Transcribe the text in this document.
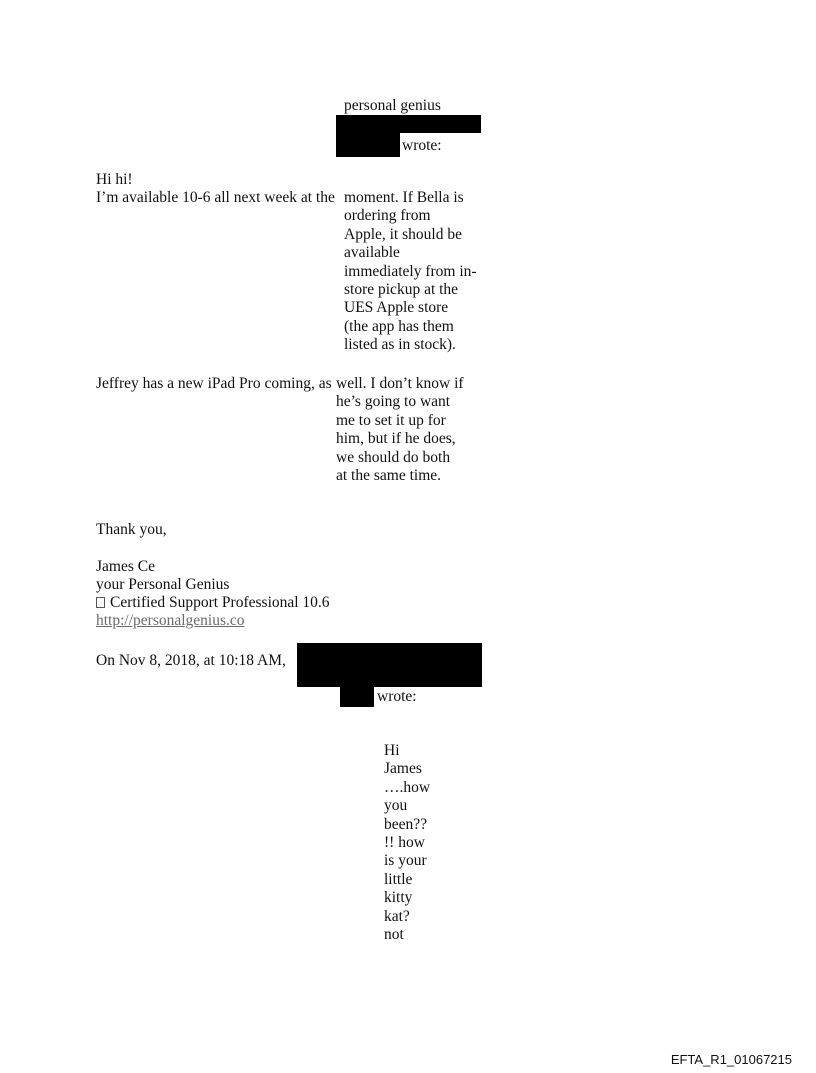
personal genius
wrote:
Hi hi!
I’m available 10-6 all next week at the moment. If Bella is
ordering from
Apple, it should be
available
immediately from in-
store pickup at the
UES Apple store
(the app has them
listed as in stock).
Jeffrey has a new iPad Pro coming, as well. I don’t know if
he’s going to want
me to set it up for
him, but if he does,
we should do both
at the same time.
Thank you,
James Ce
your Personal Genius
Certified Support Professional 10.6
http://personalgenius.co
On Nov 8, 2018, at 10:18 AM,
wrote:
Hi
James
….how
you
been??
!! how
is your
little
kitty
kat?
not
EFTA_R1_01067215
